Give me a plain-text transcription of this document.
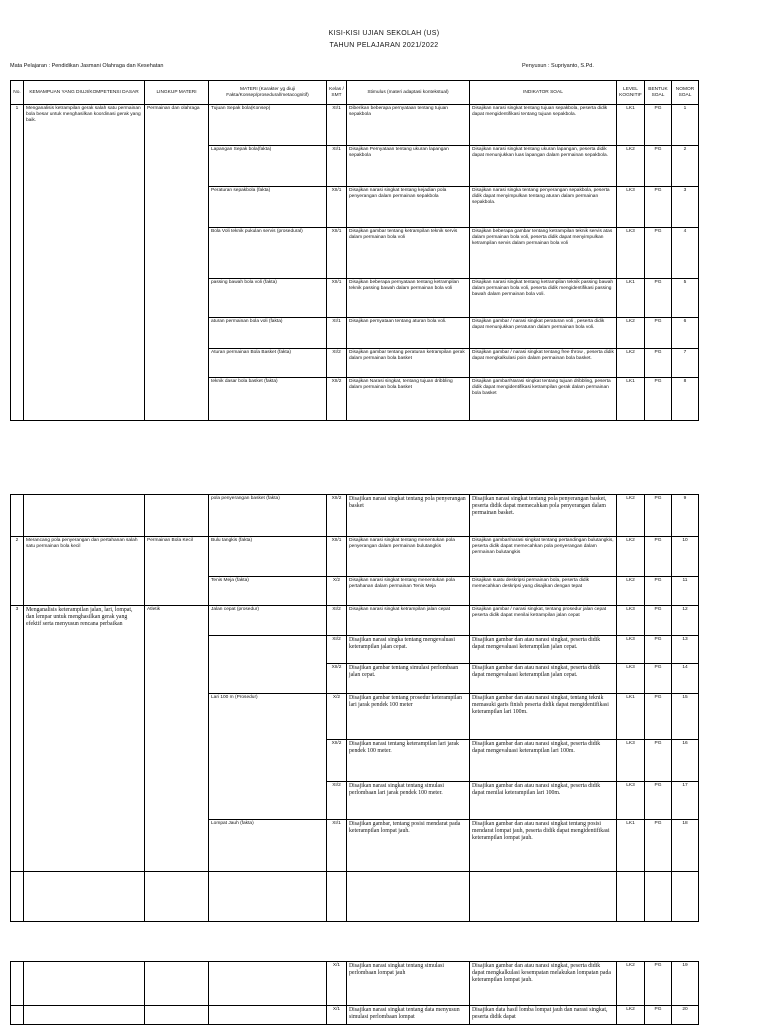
KISI-KISI UJIAN SEKOLAH (US)
TAHUN PELAJARAN 2021/2022
Mata Pelajaran : Pendidikan Jasmani Olahraga dan Kesehatan	Penyusun : Supriyanto, S.Pd.
No.	KEMAMPUAN YANG DIUJI/KOMPETENSI DASAR	LINGKUP MATERI	MATERI (Karakter yg diuji Fakta/Konsep/prosedural/metacognitif)	Kelas / SMT	Stimulus (materi adaptasi kontekstual)	INDIKATOR SOAL	LEVEL KOGNITIF	BENTUK SOAL	NOMOR SOAL
1	Menganalisis ketrampilan gerak salah satu permainan bola besar untuk menghasilkan koordinasi gerak yang baik.	Permainan dan olahraga	Tujuan Sepak bola(Konsep)	XI/1	Diberikan beberapa pernyataan tentang tujuan sepakbola	Disajikan narasi singkat tentang tujuan sepakbola, peserta didik dapat mengidentifikasi tentang tujuan sepakbola.	LK1	PG	1
			Lapangan Sepak bola(fakta)	XI/1	Disajikan Pernyataan tentang ukuran lapangan sepakbola	Disajikan narasi singkat tentang ukuran lapangan, peserta didik dapat menunjukkan luas lapangan dalam permainan sepakbola.	LK2	PG	2
			Peraturan sepakbola (fakta)	XII/1	Disajikan narasi singkat tentang kejadian pola penyerangan dalam permainan sepakbola	Disajikan narasi singka tentang penyerangan sepakbola, peserta didik dapat menyimpulkan tentang aturan dalam permainan sepakbola.	LK3	PG	3
			Bola Voli teknik pukulan servis (prosedural)	XII/1	Disajikan gambar tentang ketrampilan teknik servis dalam permainan bola voli	Disajikan beberapa gambar tentang ketrampilan teknik servis atas dalam permainan bola voli, peserta didik dapat menyimpulkan ketrampilan servis dalam permainan bola voli	LK3	PG	4
			passing bawah bola voli (fakta)	XII/1	Disajikan beberapa pernyataan tentang ketrampilan teknik passing bawah dalam permainan bola voli	Disajikan narasi singkat tentang ketrampilan teknik passing bawah dalam permainan bola voli, peserta didik mengidentifikasi passing bawah dalam permainan bola voli.	LK1	PG	5
			aturan permainan bola voli (fakta)	XI/1	Disajikan pernyataan tentang aturan bola voli.	Disajikan gambar / narasi singkat peraturan voli , peserta didik dapat menunjukkan peraturan dalam permainan bola voli.	LK2	PG	6
			Aturan permainan Bola Basket (fakta)	XI/2	Disajikan gambar tentang peraturan ketrampilan gerak dalam permainan bola basket	Disajikan gambar / narasi singkat tentang free throw , peserta didik dapat mengkalkulasi poin dalam permainan bola basket.	LK2	PG	7
			teknik dasar bola basket (fakta)	XII/2	Disajikan Narasi singkat, tentang tujuan dribbling dalam permainan bola basket	Disajikan gambar/Narasi singkat tentang tujuan dribbling, peserta didik dapat mengidentifikasi ketrampilan gerak dalam permainan bola basket	LK1	PG	8
			pola penyerangan basket (fakta)	XII/2	Disajikan narasi singkat tentang pola penyerangan basket	Disajikan narasi singkat tentang pola penyerangan basket, peserta didik dapat memecahkan pola penyerangan dalam permainan basket.	LK2	PG	9
2	Merancang pola penyerangan dan pertahanan salah satu permainan bola kecil	Permainan Bola Kecil	Bulu tangkis (fakta)	XII/1	Disajikan narasi singkat tentang menentukan pola penyerangan dalam permainan bulutangkis	Disajikan gambar/narasi singkat tentang pertandingan bulutangkis, peserta didik dapat memecahkan pola penyerangan dalam permainan bulutangkis	LK2	PG	10
			Tenis Meja (fakta)	X/2	Disajikan narasi singkat tentang menentukan pola pertahanan dalam permainan Tenis Meja	Disajikan suatu deskripsi permainan bola, peserta didik memecahkan deskripsi yang disajikan dengan tepat	LK2	PG	11
3	Menganalisis keterampilan jalan, lari, lompat, dan lempar untuk menghasilkan gerak yang efektif serta menyusun rencana perbaikan	Atletik	Jalan cepat (prosedur)	XI/2	Disajikan narasi singkat ketrampilan jalan cepat	Disajikan gambar / narasi singkat, tentang prosedur jalan cepat peserta didik dapat menilai ketrampilan jalan cepat	LK3	PG	12
				XI/2	Disajikan narasi singka tentang mengevaluasi keterampilan jalan cepat.	Disajikan gambar dan atau narasi singkat, peserta didik dapat mengevaluasi keterampilan jalan cepat.	LK3	PG	13
				XII/2	Disajikan gambar tentang simulasi perlombaan jalan cepat.	Disajikan gambar dan atau narasi singkat, peserta didik dapat mengevaluasi keterampilan jalan cepat.	LK3	PG	14
			Lari 100 m (Prosedur)	X/2	Disajikan gambar tentang prosedur keterampilan lari jarak pendek 100 meter	Disajikan gambar dan atau narasi singkat, tentang teknik memasuki garis finish peserta didik dapat mengidentifikasi keterampilan lari 100m.	LK1	PG	15
				XII/2	Disajikan narasi tentang keterampilan lari jarak pendek 100 meter.	Disajikan gambar dan atau narasi singkat, peserta didik dapat mengevaluasi keterampilan lari 100m.	LK3	PG	16
				XI/2	Disajikan narasi singkat tentang simulasi perlombaan lari jarak pendek 100 meter.	Disajikan gambar dan atau narasi singkat, peserta didik dapat menilai keterampilan lari 100m.	LK3	PG	17
			Lompat Jauh (fakta)	XI/1	Disajikan gambar, tentang posisi mendarat pada keterampilan lompat jauh.	Disajikan gambar dan atau narasi singkat tentang posisi mendarat lompat jauh, peserta didik dapat mengidentifikasi keterampilan lompat jauh.	LK1	PG	18

				X/1	Disajikan narasi singkat tentang simulasi perlombaan lompat jauh	Disajikan gambar dan atau narasi singkat, peserta didik dapat mengkalkulasi kesempatan melakukan lompatan pada keterampilan lompat jauh.	LK2	PG	19
				X/1	Disajikan narasi singkat tentang data menyusun simulasi perlombaan lompat	Disajikan data hasil lomba lompat jauh dan narasi singkat, peserta didik dapat	LK2	PG	20
